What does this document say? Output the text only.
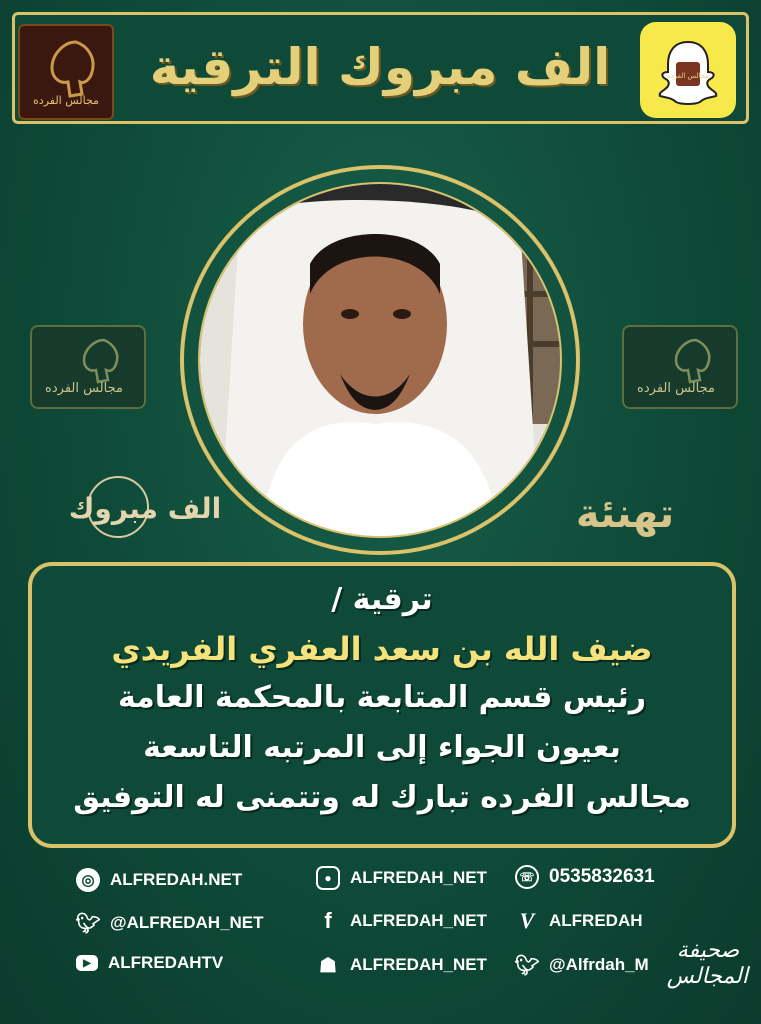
مجالس الفرده
الف مبروك الترقية	مجالس الفرده
مجالس الفرده	مجالس الفرده
الف مبروك	تهنئة
ترقية /
ضيف الله بن سعد العفري الفريدي
رئيس قسم المتابعة بالمحكمة العامة
بعيون الجواء إلى المرتبه التاسعة
مجالس الفرده تبارك له وتتمنى له التوفيق
◎ ALFREDAH.NET
🐦︎ @ALFREDAH_NET
▶	ALFREDAHTV
●	ALFREDAH_NET
f	ALFREDAH_NET
☗ ALFREDAH_NET
☏ 0535832631
V ALFREDAH
🐦︎ @Alfrdah_M
صحيفة المجالس
